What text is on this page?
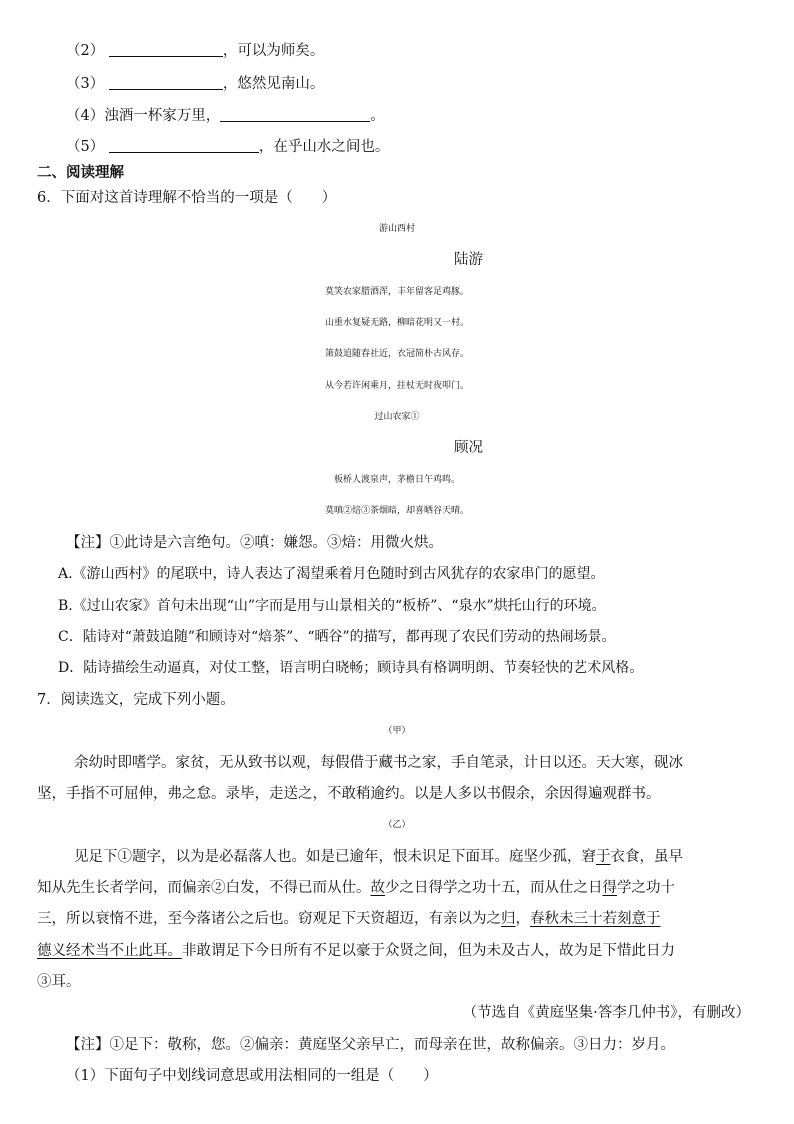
（2）	，可以为师矣。
（3）	，悠然见南山。
（4）浊酒一杯家万里，	。
（5）	，在乎山水之间也。
二、阅读理解
6．下面对这首诗理解不恰当的一项是（　　）
游山西村
陆游
莫笑农家腊酒浑，丰年留客足鸡豚。
山重水复疑无路，柳暗花明又一村。
箫鼓追随春社近，衣冠简朴古风存。
从今若许闲乘月，拄杖无时夜叩门。
过山农家①
顾况
板桥人渡泉声，茅檐日午鸡鸣。
莫嗔②焙③茶烟暗，却喜晒谷天晴。
【注】①此诗是六言绝句。②嗔：嫌怨。③焙：用微火烘。
A.《游山西村》的尾联中，诗人表达了渴望乘着月色随时到古风犹存的农家串门的愿望。
B.《过山农家》首句未出现“山”字而是用与山景相关的“板桥”、“泉水”烘托山行的环境。
C．陆诗对“萧鼓追随”和顾诗对“焙茶”、“晒谷”的描写，都再现了农民们劳动的热闹场景。
D．陆诗描绘生动逼真，对仗工整，语言明白晓畅；顾诗具有格调明朗、节奏轻快的艺术风格。
7．阅读选文，完成下列小题。
（甲）
余幼时即嗜学。家贫，无从致书以观，每假借于藏书之家，手自笔录，计日以还。天大寒，砚冰
坚，手指不可屈伸，弗之怠。录毕，走送之，不敢稍逾约。以是人多以书假余，余因得遍观群书。
（乙）
见足下①题字，以为是必磊落人也。如是已逾年，恨未识足下面耳。庭坚少孤，窘于衣食，虽早
知从先生长者学问，而偏亲②白发，不得已而从仕。故少之日得学之功十五，而从仕之日得学之功十
三，所以衰惰不进，至今落诸公之后也。窃观足下天资超迈，有亲以为之归，春秋未三十若刻意于
德义经术当不止此耳。非敢谓足下今日所有不足以豪于众贤之间，但为未及古人，故为足下惜此日力
③耳。
（节选自《黄庭坚集·答李几仲书》，有删改）
【注】①足下：敬称，您。②偏亲：黄庭坚父亲早亡，而母亲在世，故称偏亲。③日力：岁月。
（1）下面句子中划线词意思或用法相同的一组是（　　）
